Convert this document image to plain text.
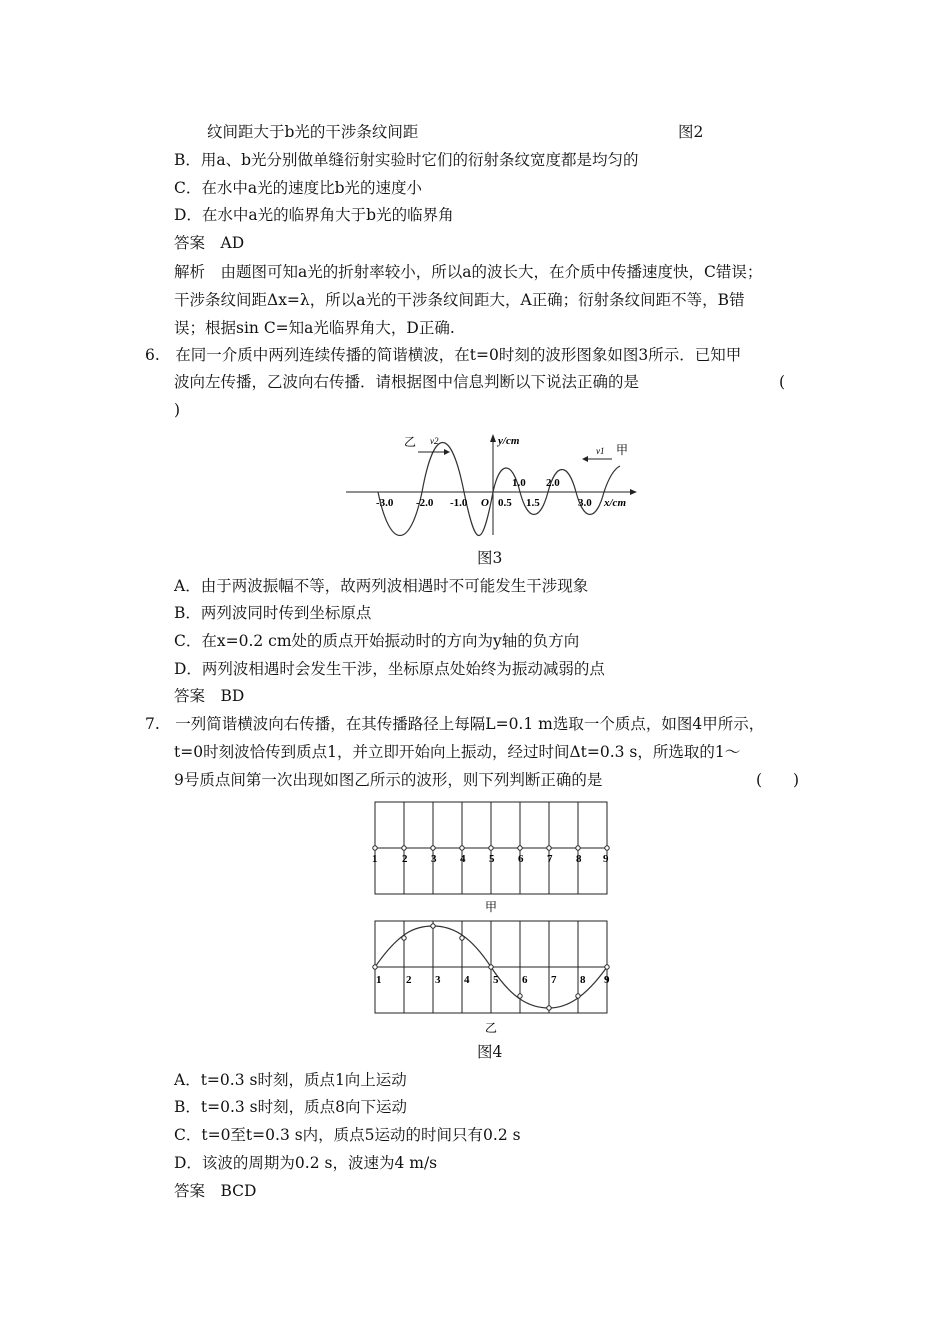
纹间距大于b光的干涉条纹间距	图2
B．用a、b光分别做单缝衍射实验时它们的衍射条纹宽度都是均匀的
C．在水中a光的速度比b光的速度小
D．在水中a光的临界角大于b光的临界角
答案　AD
解析　由题图可知a光的折射率较小，所以a的波长大，在介质中传播速度快，C错误；
干涉条纹间距Δx=λ，所以a光的干涉条纹间距大，A正确；衍射条纹间距不等，B错
误；根据sin C=知a光临界角大，D正确.
6.　在同一介质中两列连续传播的简谐横波，在t=0时刻的波形图象如图3所示．已知甲
波向左传播，乙波向右传播．请根据图中信息判断以下说法正确的是	(
)
乙 v2
v1 甲
y/cm
x/cm
O
-3.0 -2.0 -1.0	0.5 1.5	3.0
1.0 2.0
图3
A．由于两波振幅不等，故两列波相遇时不可能发生干涉现象
B．两列波同时传到坐标原点
C．在x=0.2 cm处的质点开始振动时的方向为y轴的负方向
D．两列波相遇时会发生干涉，坐标原点处始终为振动减弱的点
答案　BD
7.　一列简谐横波向右传播，在其传播路径上每隔L=0.1 m选取一个质点，如图4甲所示，
t=0时刻波恰传到质点1，并立即开始向上振动，经过时间Δt=0.3 s，所选取的1～
9号质点间第一次出现如图乙所示的波形，则下列判断正确的是	(　　)
1 2 3 4 5 6 7 8 9
甲
1 2 3 4 5 6 7 8 9
乙
图4
A．t=0.3 s时刻，质点1向上运动
B．t=0.3 s时刻，质点8向下运动
C．t=0至t=0.3 s内，质点5运动的时间只有0.2 s
D．该波的周期为0.2 s，波速为4 m/s
答案　BCD
